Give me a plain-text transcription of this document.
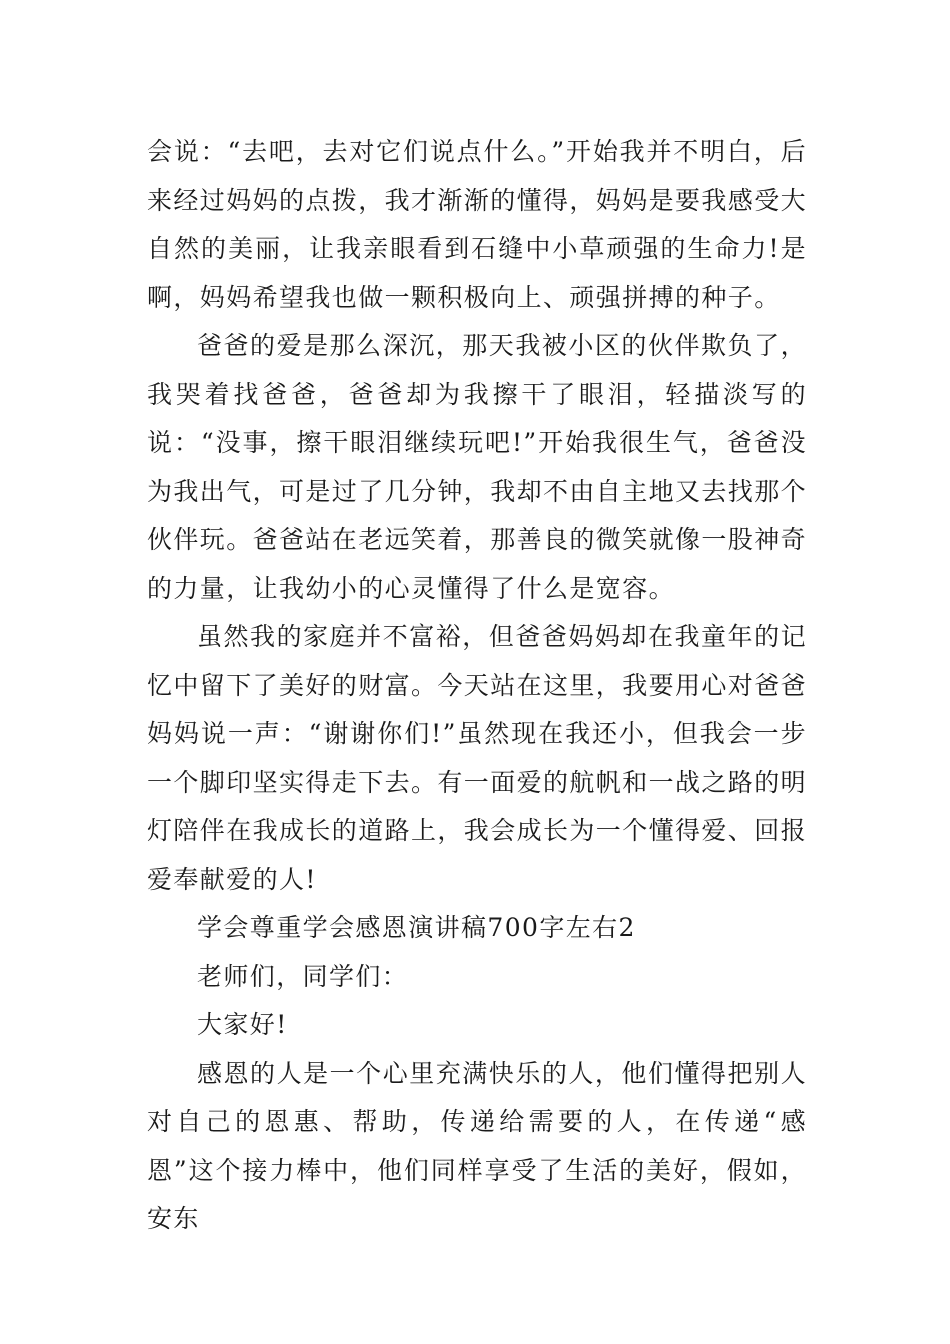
会说：“去吧，去对它们说点什么。”开始我并不明白，后来经过妈妈的点拨，我才渐渐的懂得，妈妈是要我感受大自然的美丽，让我亲眼看到石缝中小草顽强的生命力!是啊，妈妈希望我也做一颗积极向上、顽强拼搏的种子。

爸爸的爱是那么深沉，那天我被小区的伙伴欺负了，我哭着找爸爸，爸爸却为我擦干了眼泪，轻描淡写的说：“没事，擦干眼泪继续玩吧!”开始我很生气，爸爸没为我出气，可是过了几分钟，我却不由自主地又去找那个伙伴玩。爸爸站在老远笑着，那善良的微笑就像一股神奇的力量，让我幼小的心灵懂得了什么是宽容。

虽然我的家庭并不富裕，但爸爸妈妈却在我童年的记忆中留下了美好的财富。今天站在这里，我要用心对爸爸妈妈说一声：“谢谢你们!”虽然现在我还小，但我会一步一个脚印坚实得走下去。有一面爱的航帆和一战之路的明灯陪伴在我成长的道路上，我会成长为一个懂得爱、回报爱奉献爱的人!

学会尊重学会感恩演讲稿700字左右2

老师们，同学们：

大家好!

感恩的人是一个心里充满快乐的人，他们懂得把别人对自己的恩惠、帮助，传递给需要的人，在传递“感恩”这个接力棒中，他们同样享受了生活的美好，假如，安东
